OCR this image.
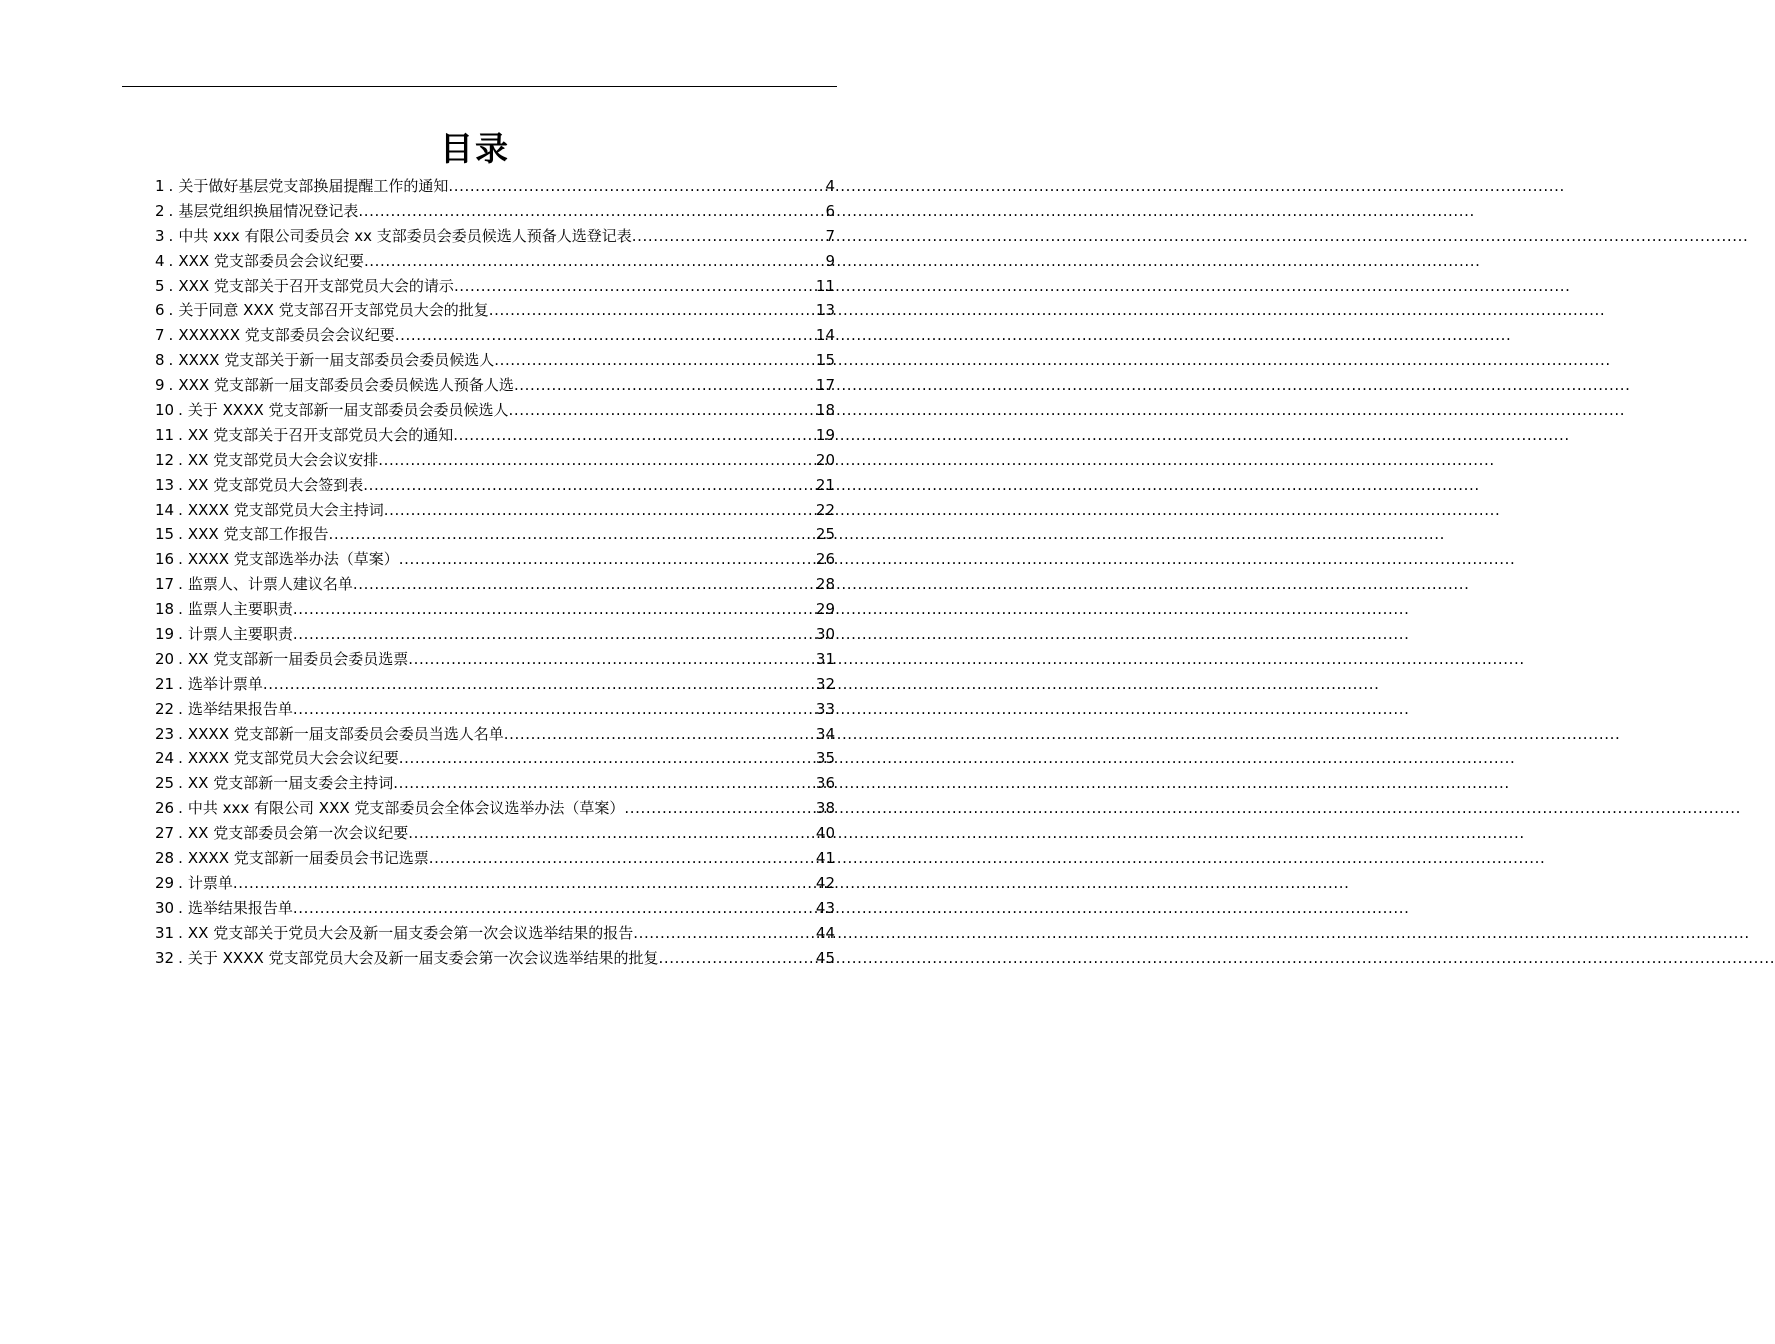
目录
1 . 关于做好基层党支部换届提醒工作的通知 .....	4
2 . 基层党组织换届情况登记表 .....	6
3 . 中共 xxx 有限公司委员会 xx 支部委员会委员候选人预备人选登记表 .....	7
4 . XXX 党支部委员会会议纪要 .....	9
5 . XXX 党支部关于召开支部党员大会的请示 .....	11
6 . 关于同意 XXX 党支部召开支部党员大会的批复 .....	13
7 . XXXXXX 党支部委员会会议纪要 .....	14
8 . XXXX 党支部关于新一届支部委员会委员候选人 .....	15
9 . XXX 党支部新一届支部委员会委员候选人预备人选 .....	17
10 . 关于 XXXX 党支部新一届支部委员会委员候选人 .....	18
11 . XX 党支部关于召开支部党员大会的通知 .....	19
12 . XX 党支部党员大会会议安排 .....	20
13 . XX 党支部党员大会签到表 .....	21
14 . XXXX 党支部党员大会主持词 .....	22
15 . XXX 党支部工作报告 .....	25
16 . XXXX 党支部选举办法（草案） .....	26
17 . 监票人、计票人建议名单 .....	28
18 . 监票人主要职责 .....	29
19 . 计票人主要职责 .....	30
20 . XX 党支部新一届委员会委员选票 .....	31
21 . 选举计票单 .....	32
22 . 选举结果报告单 .....	33
23 . XXXX 党支部新一届支部委员会委员当选人名单 .....	34
24 . XXXX 党支部党员大会会议纪要 .....	35
25 . XX 党支部新一届支委会主持词 .....	36
26 . 中共 xxx 有限公司 XXX 党支部委员会全体会议选举办法（草案） .....	38
27 . XX 党支部委员会第一次会议纪要 .....	40
28 . XXXX 党支部新一届委员会书记选票 .....	41
29 . 计票单 .....	42
30 . 选举结果报告单 .....	43
31 . XX 党支部关于党员大会及新一届支委会第一次会议选举结果的报告 .....	44
32 . 关于 XXXX 党支部党员大会及新一届支委会第一次会议选举结果的批复 .....	45
